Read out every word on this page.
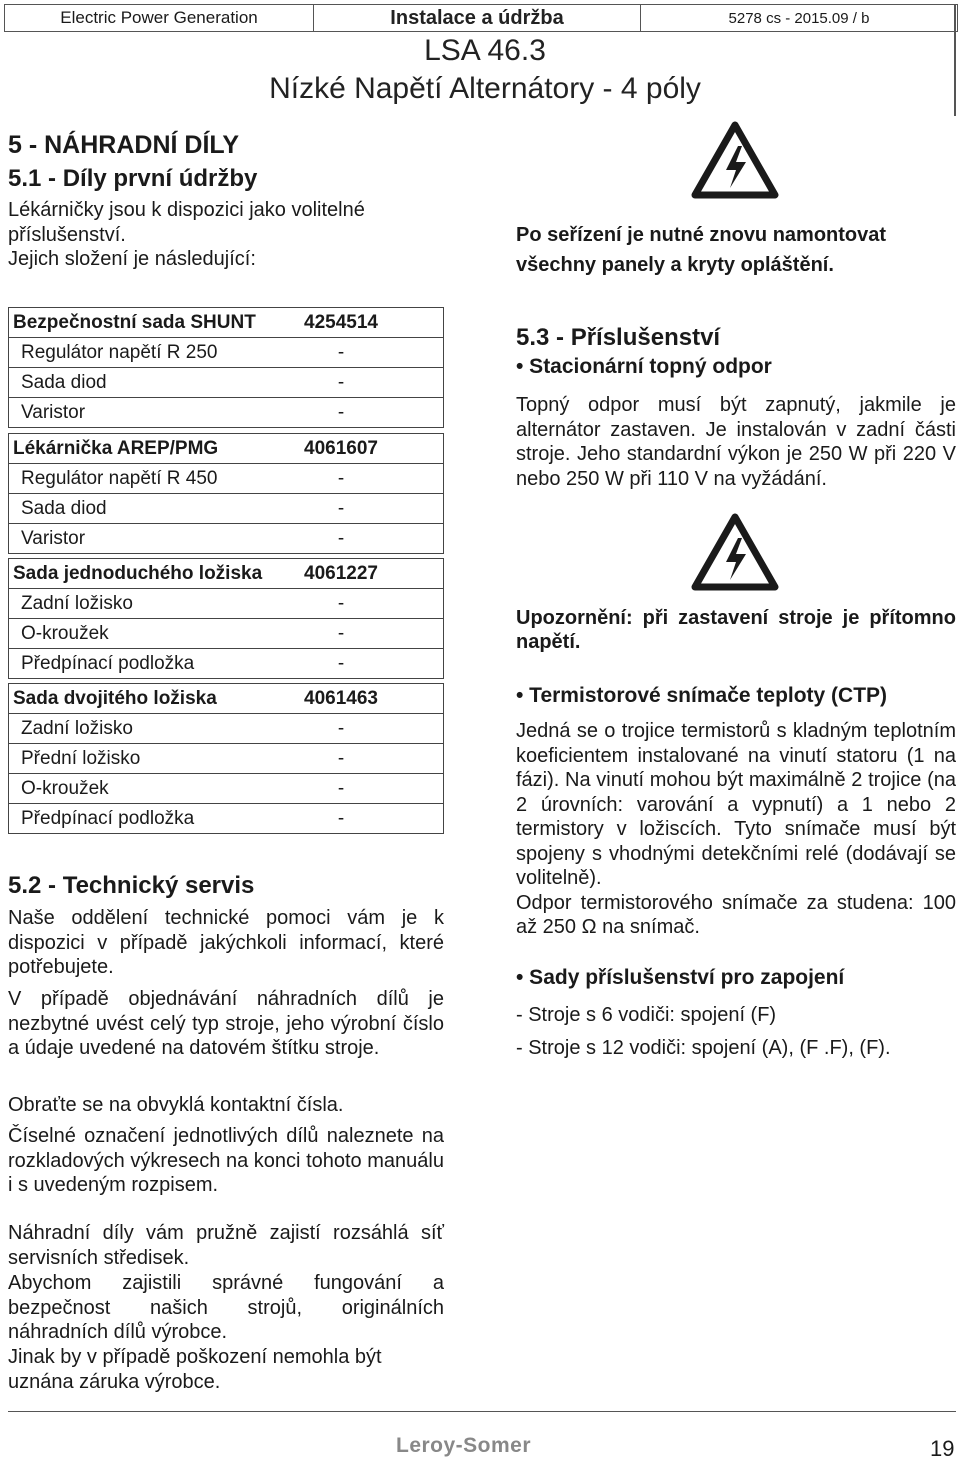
Electric Power Generation	Instalace a údržba	5278 cs - 2015.09 / b
LSA 46.3
Nízké Napětí Alternátory - 4 póly
5 - NÁHRADNÍ DÍLY
5.1 - Díly první údržby

Lékárničky jsou k dispozici jako volitelné příslušenství.
Jejich složení je následující:

Bezpečnostní sada SHUNT	4254514
Regulátor napětí R 250	-
Sada diod	-
Varistor	-
Lékárnička AREP/PMG	4061607
Regulátor napětí R 450	-
Sada diod	-
Varistor	-
Sada jednoduchého ložiska	4061227
Zadní ložisko	-
O-kroužek	-
Předpínací podložka	-
Sada dvojitého ložiska	4061463
Zadní ložisko	-
Přední ložisko	-
O-kroužek	-
Předpínací podložka	-
5.2 - Technický servis

Naše oddělení technické pomoci vám je k dispozici v případě jakýchkoli informací, které potřebujete.

V případě objednávání náhradních dílů je nezbytné uvést celý typ stroje, jeho výrobní číslo a údaje uvedené na datovém štítku stroje.

Obraťte se na obvyklá kontaktní čísla.

Číselné označení jednotlivých dílů naleznete na rozkladových výkresech na konci tohoto manuálu i s uvedeným rozpisem.

Náhradní díly vám pružně zajistí rozsáhlá síť servisních středisek.

Abychom zajistili správné fungování a bezpečnost našich strojů, originálních náhradních dílů výrobce.

Jinak by v případě poškození nemohla být uznána záruka výrobce.

Po seřízení je nutné znovu namontovat všechny panely a kryty opláštění.
5.3 - Příslušenství
• Stacionární topný odpor

Topný odpor musí být zapnutý, jakmile je alternátor zastaven. Je instalován v zadní části stroje. Jeho standardní výkon je 250 W při 220 V nebo 250 W při 110 V na vyžádání.

Upozornění: při zastavení stroje je přítomno napětí.
• Termistorové snímače teploty (CTP)

Jedná se o trojice termistorů s kladným teplotním koeficientem instalované na vinutí statoru (1 na fázi). Na vinutí mohou být maximálně 2 trojice (na 2 úrovních: varování a vypnutí) a 1 nebo 2 termistory v ložiscích. Tyto snímače musí být spojeny s vhodnými detekčními relé (dodávají se volitelně).
Odpor termistorového snímače za studena: 100 až 250 Ω na snímač.

• Sady příslušenství pro zapojení

- Stroje s 6 vodiči: spojení (F)

- Stroje s 12 vodiči: spojení (A), (F .F), (F).

Leroy-Somer	19
